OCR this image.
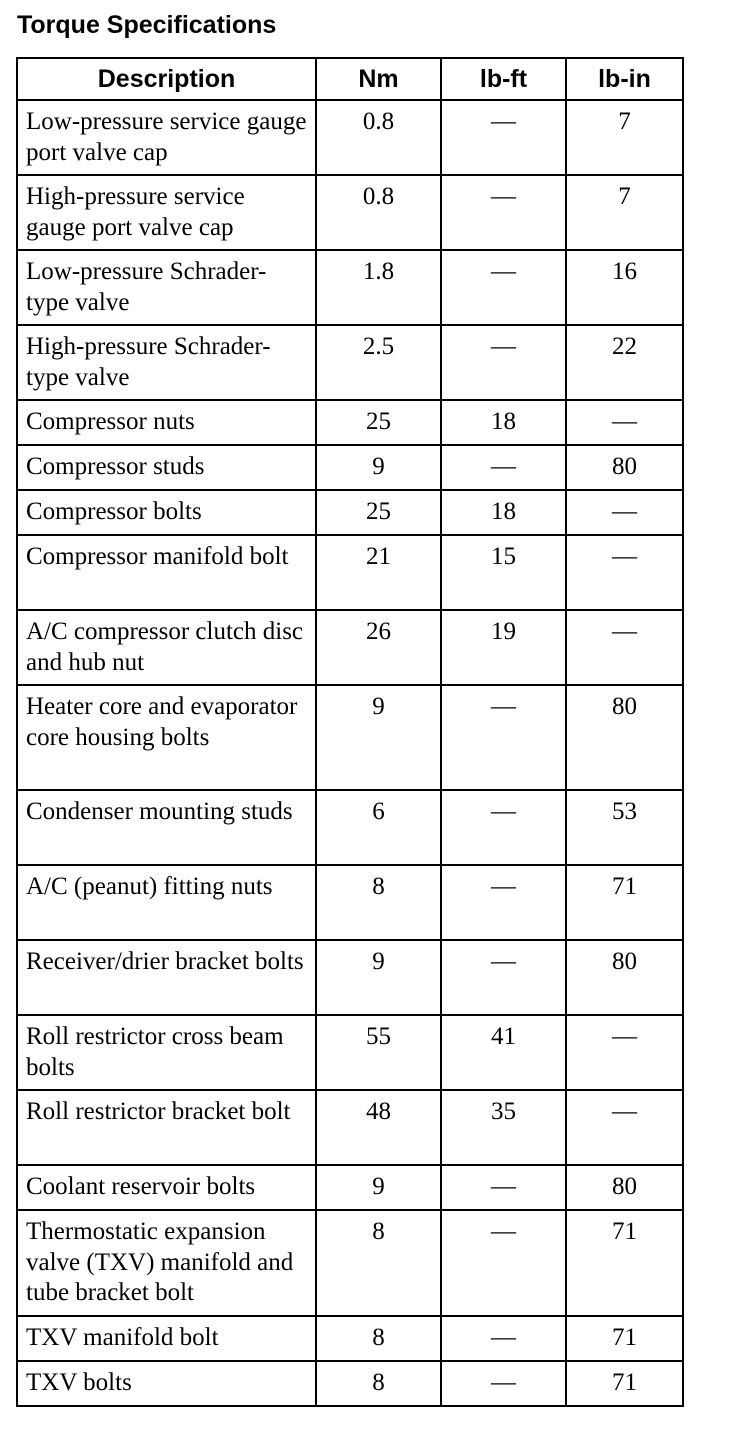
Torque Specifications
Description	Nm	lb-ft	lb-in
Low-pressure service gauge port valve cap	0.8	—	7
High-pressure service gauge port valve cap	0.8	—	7
Low-pressure Schrader-type valve	1.8	—	16
High-pressure Schrader-type valve	2.5	—	22
Compressor nuts	25	18	—
Compressor studs	9	—	80
Compressor bolts	25	18	—
Compressor manifold bolt	21	15	—
A/C compressor clutch disc and hub nut	26	19	—
Heater core and evaporator core housing bolts	9	—	80
Condenser mounting studs	6	—	53
A/C (peanut) fitting nuts	8	—	71
Receiver/drier bracket bolts	9	—	80
Roll restrictor cross beam bolts	55	41	—
Roll restrictor bracket bolt	48	35	—
Coolant reservoir bolts	9	—	80
Thermostatic expansion valve (TXV) manifold and tube bracket bolt	8	—	71
TXV manifold bolt	8	—	71
TXV bolts	8	—	71
